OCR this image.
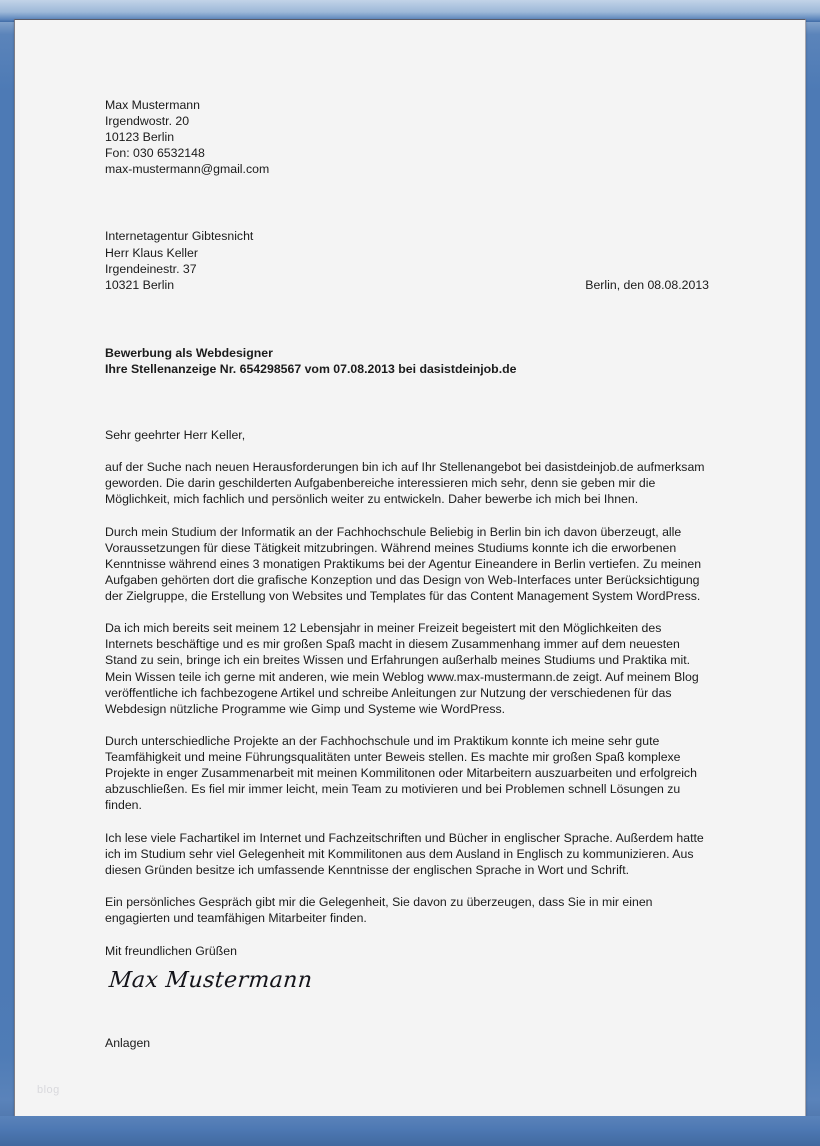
Max Mustermann
Irgendwostr. 20
10123 Berlin
Fon: 030 6532148
max-mustermann@gmail.com
Internetagentur Gibtesnicht
Herr Klaus Keller
Irgendeinestr. 37
10321 Berlin	Berlin, den 08.08.2013
Bewerbung als Webdesigner
Ihre Stellenanzeige Nr. 654298567 vom 07.08.2013 bei dasistdeinjob.de

Sehr geehrter Herr Keller,

auf der Suche nach neuen Herausforderungen bin ich auf Ihr Stellenangebot bei dasistdeinjob.de aufmerksam geworden. Die darin geschilderten Aufgabenbereiche interessieren mich sehr, denn sie geben mir die Möglichkeit, mich fachlich und persönlich weiter zu entwickeln. Daher bewerbe ich mich bei Ihnen.

Durch mein Studium der Informatik an der Fachhochschule Beliebig in Berlin bin ich davon überzeugt, alle Voraussetzungen für diese Tätigkeit mitzubringen. Während meines Studiums konnte ich die erworbenen Kenntnisse während eines 3 monatigen Praktikums bei der Agentur Eineandere in Berlin vertiefen. Zu meinen Aufgaben gehörten dort die grafische Konzeption und das Design von Web-Interfaces unter Berücksichtigung der Zielgruppe, die Erstellung von Websites und Templates für das Content Management System WordPress.

Da ich mich bereits seit meinem 12 Lebensjahr in meiner Freizeit begeistert mit den Möglichkeiten des Internets beschäftige und es mir großen Spaß macht in diesem Zusammenhang immer auf dem neuesten Stand zu sein, bringe ich ein breites Wissen und Erfahrungen außerhalb meines Studiums und Praktika mit. Mein Wissen teile ich gerne mit anderen, wie mein Weblog www.max-mustermann.de zeigt. Auf meinem Blog veröffentliche ich fachbezogene Artikel und schreibe Anleitungen zur Nutzung der verschiedenen für das Webdesign nützliche Programme wie Gimp und Systeme wie WordPress.

Durch unterschiedliche Projekte an der Fachhochschule und im Praktikum konnte ich meine sehr gute Teamfähigkeit und meine Führungsqualitäten unter Beweis stellen. Es machte mir großen Spaß komplexe Projekte in enger Zusammenarbeit mit meinen Kommilitonen oder Mitarbeitern auszuarbeiten und erfolgreich abzuschließen. Es fiel mir immer leicht, mein Team zu motivieren und bei Problemen schnell Lösungen zu finden.

Ich lese viele Fachartikel im Internet und Fachzeitschriften und Bücher in englischer Sprache. Außerdem hatte ich im Studium sehr viel Gelegenheit mit Kommilitonen aus dem Ausland in Englisch zu kommunizieren. Aus diesen Gründen besitze ich umfassende Kenntnisse der englischen Sprache in Wort und Schrift.

Ein persönliches Gespräch gibt mir die Gelegenheit, Sie davon zu überzeugen, dass Sie in mir einen engagierten und teamfähigen Mitarbeiter finden.

Mit freundlichen Grüßen
Max Mustermann
Anlagen
blog
